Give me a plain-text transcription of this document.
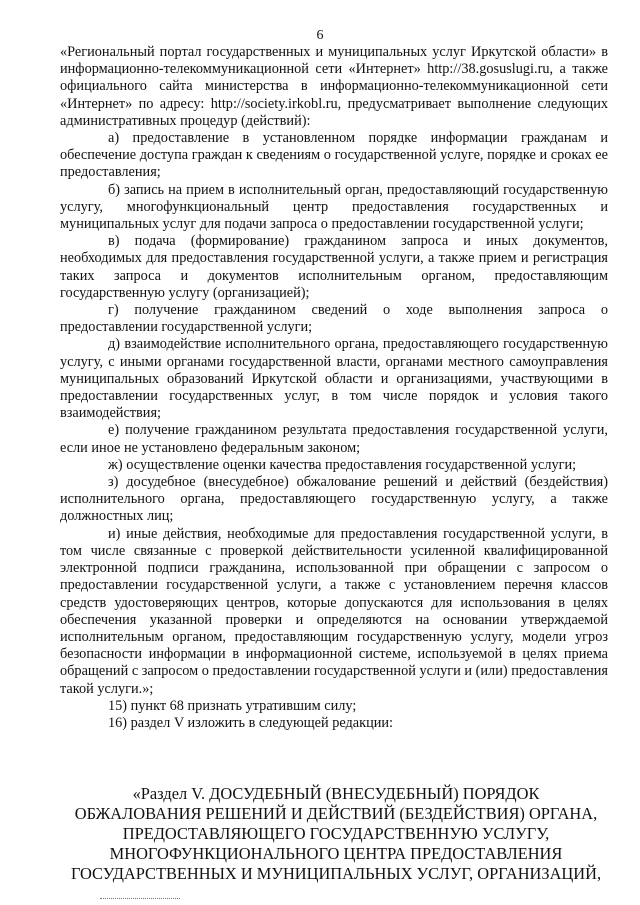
6

«Региональный портал государственных и муниципальных услуг Иркутской области» в информационно-телекоммуникационной сети «Интернет» http://38.gosuslugi.ru, а также официального сайта министерства в информационно-телекоммуникационной сети «Интернет» по адресу: http://society.irkobl.ru, предусматривает выполнение следующих административных процедур (действий):

а) предоставление в установленном порядке информации гражданам и обеспечение доступа граждан к сведениям о государственной услуге, порядке и сроках ее предоставления;

б) запись на прием в исполнительный орган, предоставляющий государственную услугу, многофункциональный центр предоставления государственных и муниципальных услуг для подачи запроса о предоставлении государственной услуги;

в) подача (формирование) гражданином запроса и иных документов, необходимых для предоставления государственной услуги, а также прием и регистрация таких запроса и документов исполнительным органом, предоставляющим государственную услугу (организацией);

г) получение гражданином сведений о ходе выполнения запроса о предоставлении государственной услуги;

д) взаимодействие исполнительного органа, предоставляющего государственную услугу, с иными органами государственной власти, органами местного самоуправления муниципальных образований Иркутской области и организациями, участвующими в предоставлении государственных услуг, в том числе порядок и условия такого взаимодействия;

е) получение гражданином результата предоставления государственной услуги, если иное не установлено федеральным законом;

ж) осуществление оценки качества предоставления государственной услуги;

з) досудебное (внесудебное) обжалование решений и действий (бездействия) исполнительного органа, предоставляющего государственную услугу, а также должностных лиц;

и) иные действия, необходимые для предоставления государственной услуги, в том числе связанные с проверкой действительности усиленной квалифицированной электронной подписи гражданина, использованной при обращении с запросом о предоставлении государственной услуги, а также с установлением перечня классов средств удостоверяющих центров, которые допускаются для использования в целях обеспечения указанной проверки и определяются на основании утверждаемой исполнительным органом, предоставляющим государственную услугу, модели угроз безопасности информации в информационной системе, используемой в целях приема обращений с запросом о предоставлении государственной услуги и (или) предоставления такой услуги.»;

15) пункт 68 признать утратившим силу;

16) раздел V изложить в следующей редакции:

«Раздел V. ДОСУДЕБНЫЙ (ВНЕСУДЕБНЫЙ) ПОРЯДОК
ОБЖАЛОВАНИЯ РЕШЕНИЙ И ДЕЙСТВИЙ (БЕЗДЕЙСТВИЯ) ОРГАНА,
ПРЕДОСТАВЛЯЮЩЕГО ГОСУДАРСТВЕННУЮ УСЛУГУ,
МНОГОФУНКЦИОНАЛЬНОГО ЦЕНТРА ПРЕДОСТАВЛЕНИЯ
ГОСУДАРСТВЕННЫХ И МУНИЦИПАЛЬНЫХ УСЛУГ, ОРГАНИЗАЦИЙ,
